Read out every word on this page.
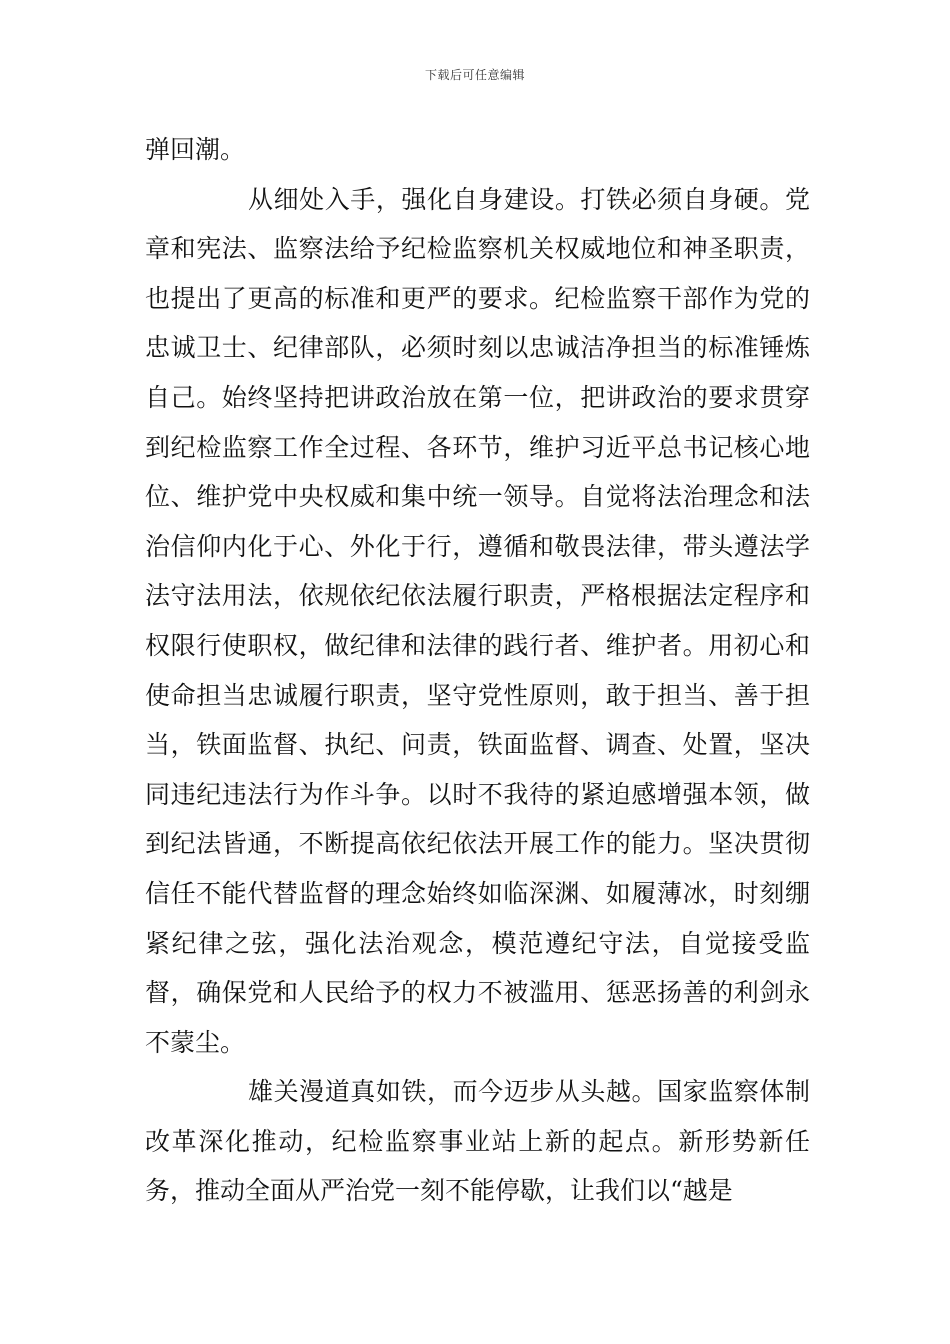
下载后可任意编辑

弹回潮。

从细处入手，强化自身建设。打铁必须自身硬。党章和宪法、监察法给予纪检监察机关权威地位和神圣职责，也提出了更高的标准和更严的要求。纪检监察干部作为党的忠诚卫士、纪律部队，必须时刻以忠诚洁净担当的标准锤炼自己。始终坚持把讲政治放在第一位，把讲政治的要求贯穿到纪检监察工作全过程、各环节，维护习近平总书记核心地位、维护党中央权威和集中统一领导。自觉将法治理念和法治信仰内化于心、外化于行，遵循和敬畏法律，带头遵法学法守法用法，依规依纪依法履行职责，严格根据法定程序和权限行使职权，做纪律和法律的践行者、维护者。用初心和使命担当忠诚履行职责，坚守党性原则，敢于担当、善于担当，铁面监督、执纪、问责，铁面监督、调查、处置，坚决同违纪违法行为作斗争。以时不我待的紧迫感增强本领，做到纪法皆通，不断提高依纪依法开展工作的能力。坚决贯彻信任不能代替监督的理念始终如临深渊、如履薄冰，时刻绷紧纪律之弦，强化法治观念，模范遵纪守法，自觉接受监督，确保党和人民给予的权力不被滥用、惩恶扬善的利剑永不蒙尘。

雄关漫道真如铁，而今迈步从头越。国家监察体制改革深化推动，纪检监察事业站上新的起点。新形势新任务，推动全面从严治党一刻不能停歇，让我们以“越是
